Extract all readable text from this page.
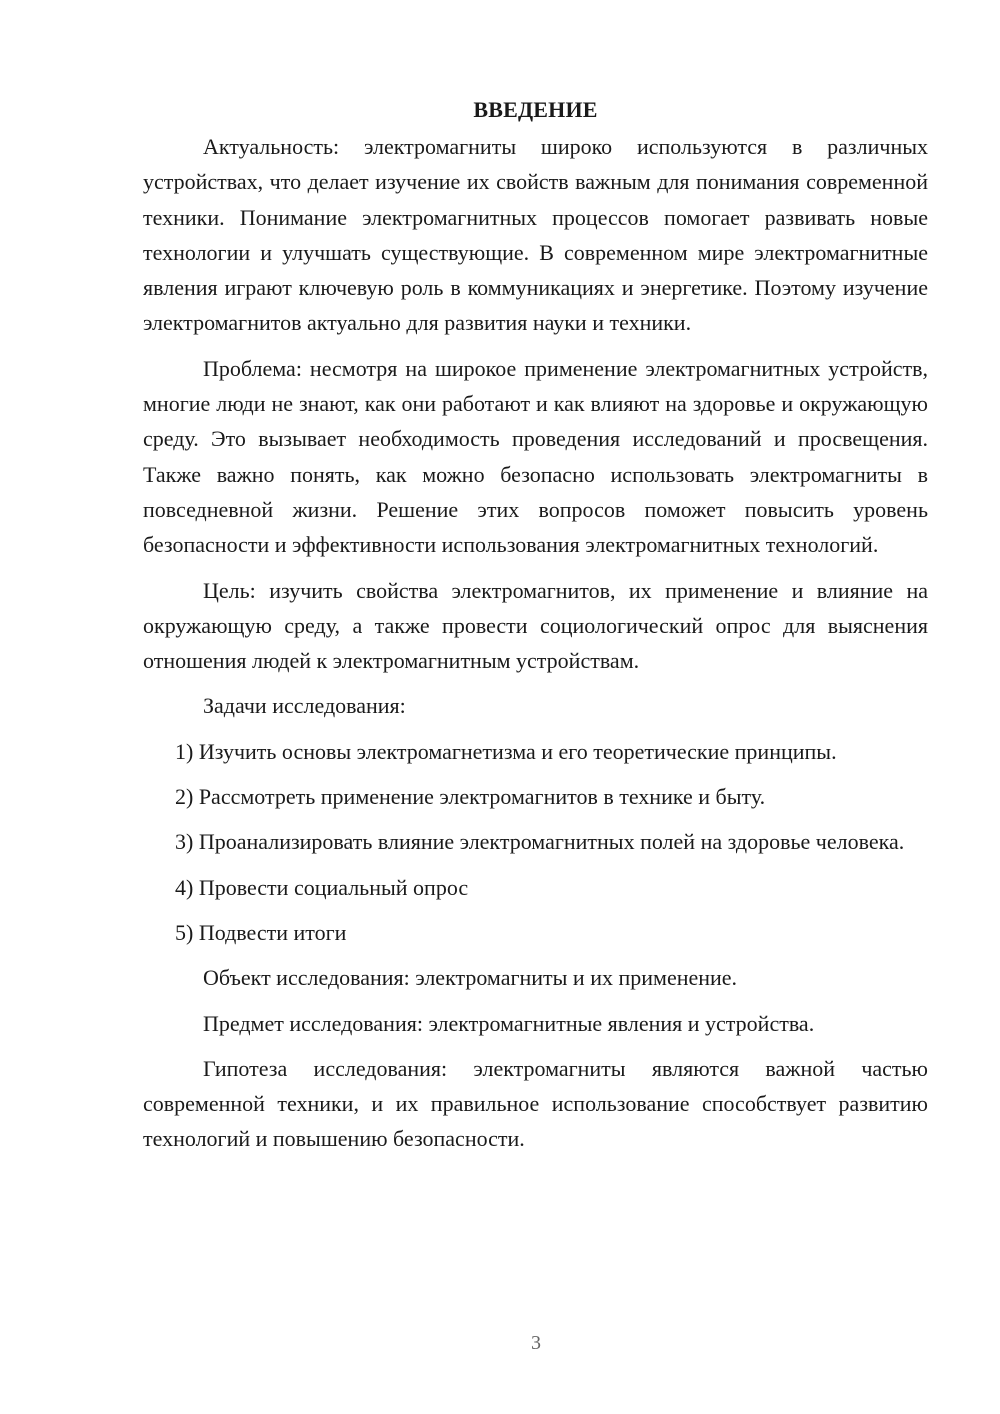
ВВЕДЕНИЕ

Актуальность: электромагниты широко используются в различных устройствах, что делает изучение их свойств важным для понимания современной техники. Понимание электромагнитных процессов помогает развивать новые технологии и улучшать существующие. В современном мире электромагнитные явления играют ключевую роль в коммуникациях и энергетике. Поэтому изучение электромагнитов актуально для развития науки и техники.

Проблема: несмотря на широкое применение электромагнитных устройств, многие люди не знают, как они работают и как влияют на здоровье и окружающую среду. Это вызывает необходимость проведения исследований и просвещения. Также важно понять, как можно безопасно использовать электромагниты в повседневной жизни. Решение этих вопросов поможет повысить уровень безопасности и эффективности использования электромагнитных технологий.

Цель: изучить свойства электромагнитов, их применение и влияние на окружающую среду, а также провести социологический опрос для выяснения отношения людей к электромагнитным устройствам.

Задачи исследования:

1) Изучить основы электромагнетизма и его теоретические принципы.

2) Рассмотреть применение электромагнитов в технике и быту.

3) Проанализировать влияние электромагнитных полей на здоровье человека.

4) Провести социальный опрос

5) Подвести итоги

Объект исследования: электромагниты и их применение.

Предмет исследования: электромагнитные явления и устройства.

Гипотеза исследования: электромагниты являются важной частью современной техники, и их правильное использование способствует развитию технологий и повышению безопасности.

3
